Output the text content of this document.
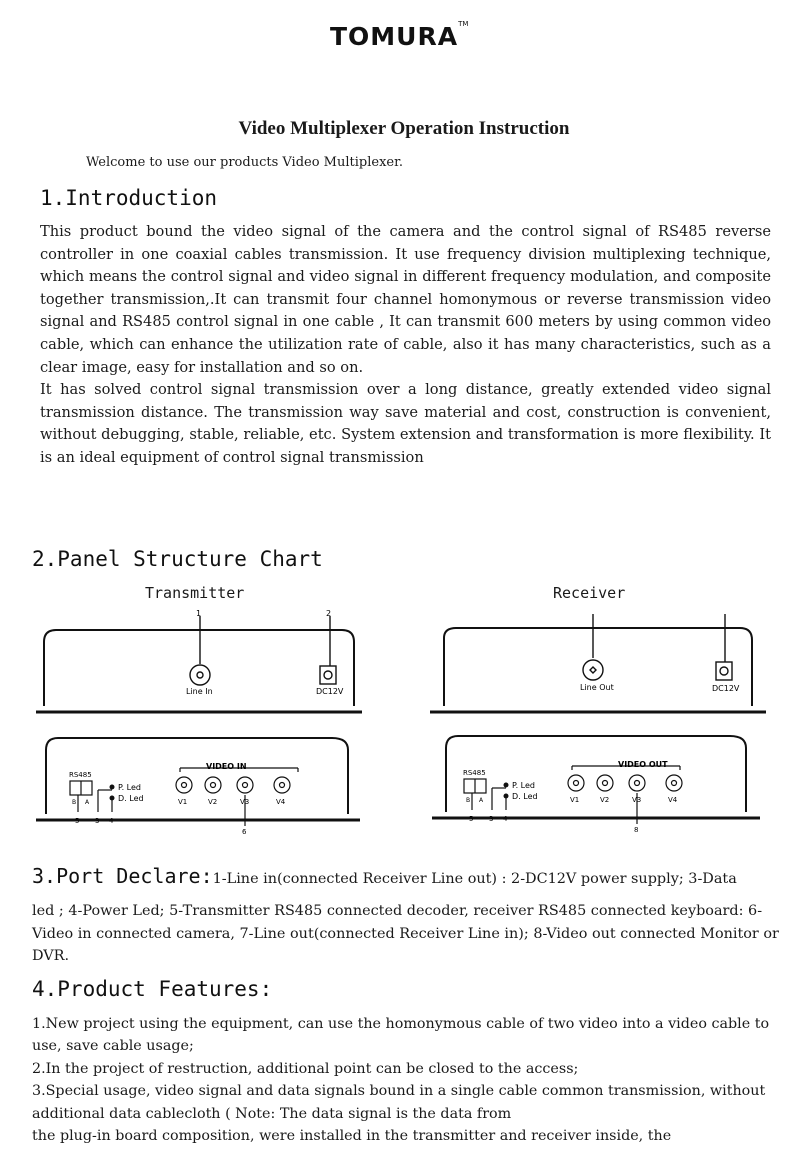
TOMURA™
Video Multiplexer Operation Instruction
Welcome to use our products Video Multiplexer.
1.Introduction
This product bound the video signal of the camera and the control signal of RS485 reverse controller in one coaxial cables transmission. It use frequency division multiplexing technique, which means the control signal and video signal in different frequency modulation, and composite together transmission,.It can transmit four channel homonymous or reverse transmission video signal and RS485 control signal in one cable , It can transmit 600 meters by using common video cable, which can enhance the utilization rate of cable, also it has many characteristics, such as a clear image, easy for installation and so on.
It has solved control signal transmission over a long distance, greatly extended video signal transmission distance. The transmission way save material and cost, construction is convenient, without debugging, stable, reliable, etc. System extension and transformation is more flexibility. It is an ideal equipment of control signal transmission
2.Panel Structure Chart
1	2
Line In	DC12V	Line Out	DC12V
VIDEO IN
RS485
B A
P. Led
D. Led	V1	V2	V3	V4
5 3 4
6
VIDEO OUT
RS485
B A
P. Led
D. Led	V1	V2	V3	V4
5 3 4
8
Transmitter	Receiver
3.Port Declare:1-Line in(connected Receiver Line out) : 2-DC12V power supply; 3-Data
led ; 4-Power Led; 5-Transmitter RS485 connected decoder, receiver RS485 connected keyboard: 6-Video in connected camera, 7-Line out(connected Receiver Line in); 8-Video out connected Monitor or DVR.
4.Product Features:
1.New project using the equipment, can use the homonymous cable of two video into a video cable to use, save cable usage;
2.In the project of restruction, additional point can be closed to the access;
3.Special usage, video signal and data signals bound in a single cable common transmission, without additional data cablecloth ( Note: The data signal is the data from
the plug-in board composition, were installed in the transmitter and receiver inside, the
